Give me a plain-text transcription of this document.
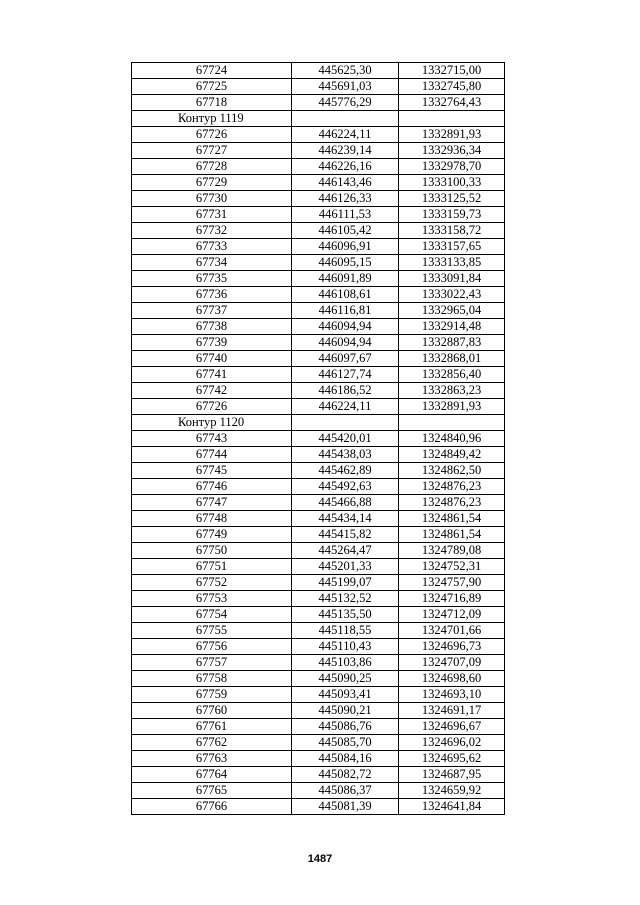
67724	445625,30	1332715,00
67725	445691,03	1332745,80
67718	445776,29	1332764,43
Контур 1119		
67726	446224,11	1332891,93
67727	446239,14	1332936,34
67728	446226,16	1332978,70
67729	446143,46	1333100,33
67730	446126,33	1333125,52
67731	446111,53	1333159,73
67732	446105,42	1333158,72
67733	446096,91	1333157,65
67734	446095,15	1333133,85
67735	446091,89	1333091,84
67736	446108,61	1333022,43
67737	446116,81	1332965,04
67738	446094,94	1332914,48
67739	446094,94	1332887,83
67740	446097,67	1332868,01
67741	446127,74	1332856,40
67742	446186,52	1332863,23
67726	446224,11	1332891,93
Контур 1120		
67743	445420,01	1324840,96
67744	445438,03	1324849,42
67745	445462,89	1324862,50
67746	445492,63	1324876,23
67747	445466,88	1324876,23
67748	445434,14	1324861,54
67749	445415,82	1324861,54
67750	445264,47	1324789,08
67751	445201,33	1324752,31
67752	445199,07	1324757,90
67753	445132,52	1324716,89
67754	445135,50	1324712,09
67755	445118,55	1324701,66
67756	445110,43	1324696,73
67757	445103,86	1324707,09
67758	445090,25	1324698,60
67759	445093,41	1324693,10
67760	445090,21	1324691,17
67761	445086,76	1324696,67
67762	445085,70	1324696,02
67763	445084,16	1324695,62
67764	445082,72	1324687,95
67765	445086,37	1324659,92
67766	445081,39	1324641,84
1487
